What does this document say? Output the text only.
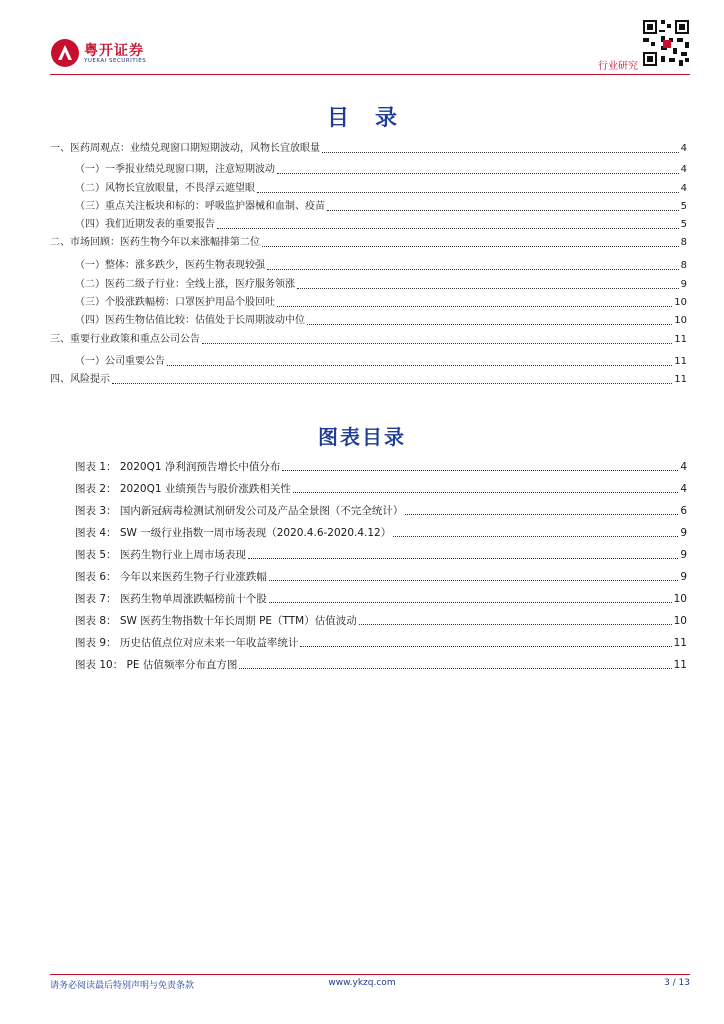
粤开证券
YUEKAI SECURITIES	行业研究
目录
一、医药周观点：业绩兑现窗口期短期波动，风物长宜放眼量	4
（一）一季报业绩兑现窗口期，注意短期波动	4
（二）风物长宜放眼量，不畏浮云遮望眼	4
（三）重点关注板块和标的：呼吸监护器械和血制、疫苗	5
（四）我们近期发表的重要报告	5
二、市场回顾：医药生物今年以来涨幅排第二位	8
（一）整体：涨多跌少，医药生物表现较强	8
（二）医药二级子行业：全线上涨，医疗服务领涨	9
（三）个股涨跌幅榜：口罩医护用品个股回吐	10
（四）医药生物估值比较：估值处于长周期波动中位	10
三、重要行业政策和重点公司公告	11
（一）公司重要公告	11
四、风险提示	11
图表目录
图表 1： 2020Q1 净利润预告增长中值分布	4
图表 2： 2020Q1 业绩预告与股价涨跌相关性	4
图表 3： 国内新冠病毒检测试剂研发公司及产品全景图（不完全统计）	6
图表 4： SW 一级行业指数一周市场表现（2020.4.6-2020.4.12）	9
图表 5： 医药生物行业上周市场表现	9
图表 6： 今年以来医药生物子行业涨跌幅	9
图表 7： 医药生物单周涨跌幅榜前十个股	10
图表 8： SW 医药生物指数十年长周期 PE（TTM）估值波动	10
图表 9： 历史估值点位对应未来一年收益率统计	11
图表 10： PE 估值频率分布直方图	11
请务必阅读最后特别声明与免责条款	www.ykzq.com	3 / 13
